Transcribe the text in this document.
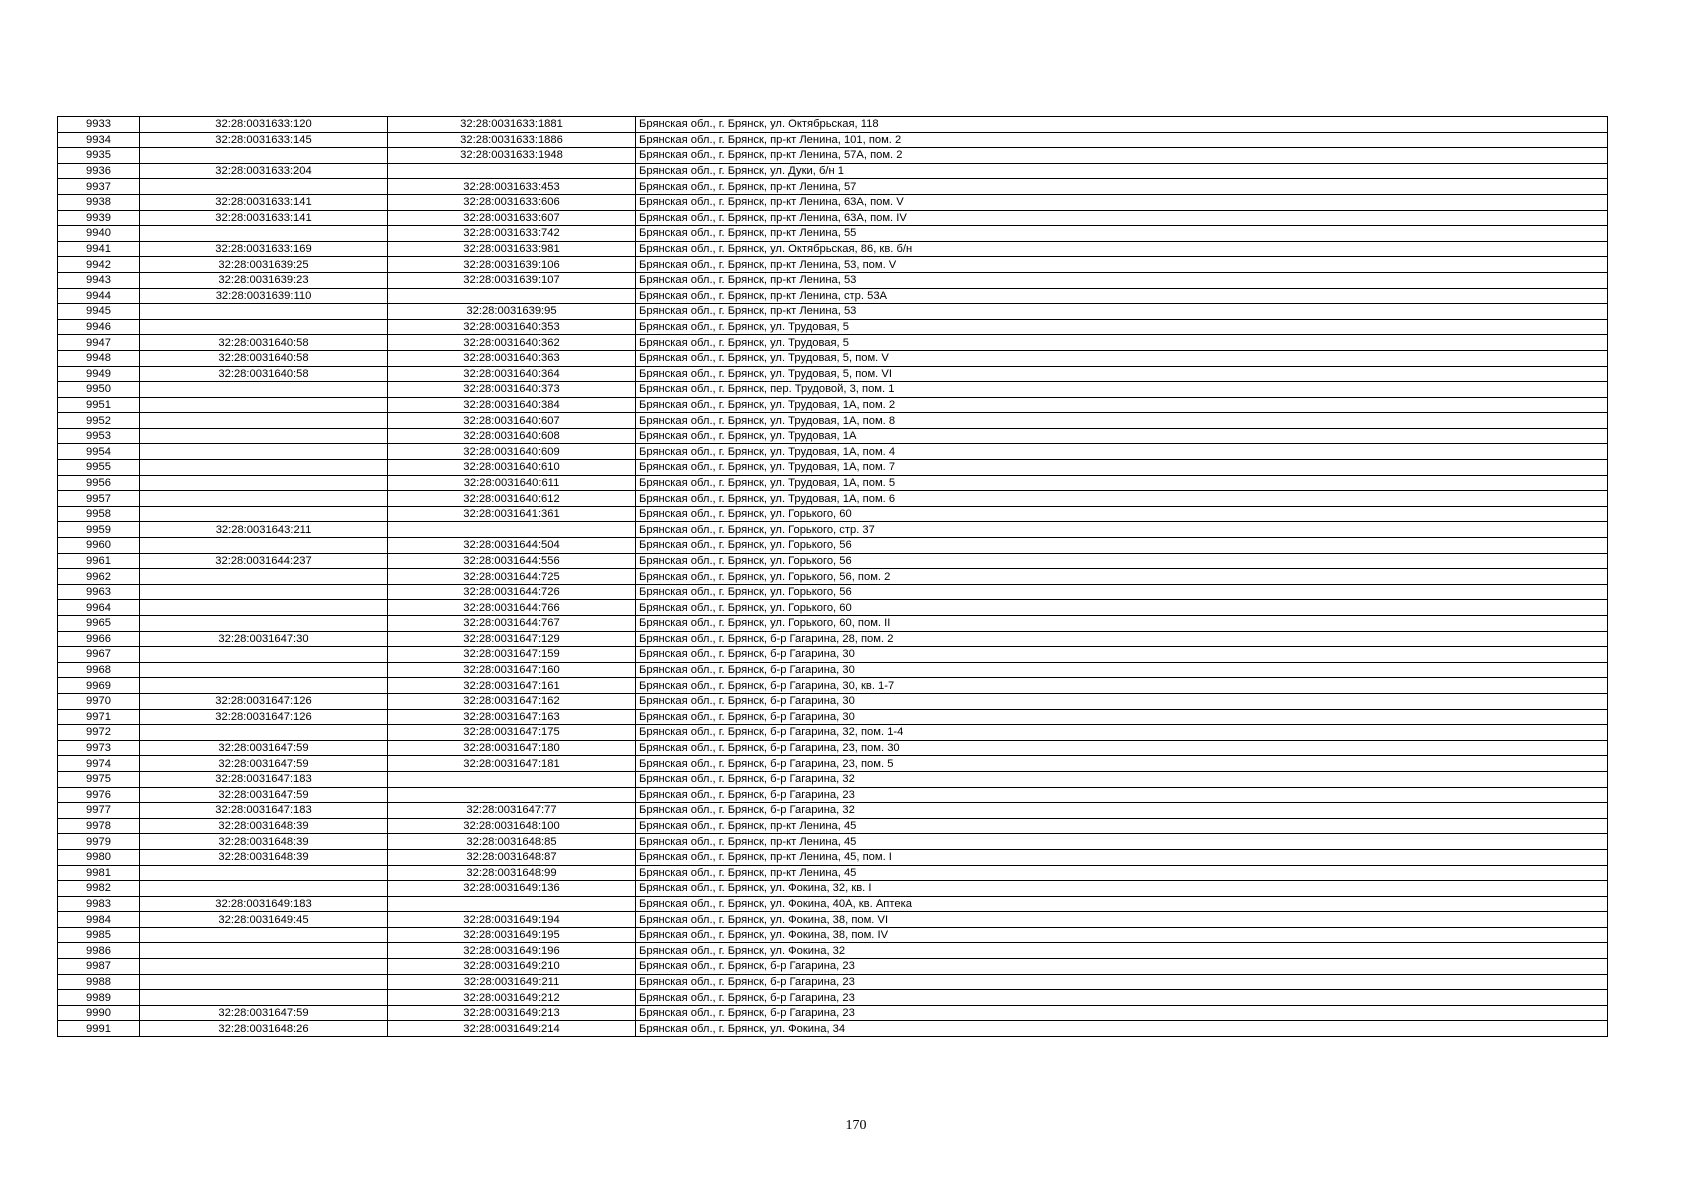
9933	32:28:0031633:120	32:28:0031633:1881	Брянская обл., г. Брянск, ул. Октябрьская, 118
9934	32:28:0031633:145	32:28:0031633:1886	Брянская обл., г. Брянск, пр-кт Ленина, 101, пом. 2
9935		32:28:0031633:1948	Брянская обл., г. Брянск, пр-кт Ленина, 57А, пом. 2
9936	32:28:0031633:204		Брянская обл., г. Брянск, ул. Дуки, б/н 1
9937		32:28:0031633:453	Брянская обл., г. Брянск, пр-кт Ленина, 57
9938	32:28:0031633:141	32:28:0031633:606	Брянская обл., г. Брянск, пр-кт Ленина, 63А, пом. V
9939	32:28:0031633:141	32:28:0031633:607	Брянская обл., г. Брянск, пр-кт Ленина, 63А, пом. IV
9940		32:28:0031633:742	Брянская обл., г. Брянск, пр-кт Ленина, 55
9941	32:28:0031633:169	32:28:0031633:981	Брянская обл., г. Брянск, ул. Октябрьская, 86, кв. б/н
9942	32:28:0031639:25	32:28:0031639:106	Брянская обл., г. Брянск, пр-кт Ленина, 53, пом. V
9943	32:28:0031639:23	32:28:0031639:107	Брянская обл., г. Брянск, пр-кт Ленина, 53
9944	32:28:0031639:110		Брянская обл., г. Брянск, пр-кт Ленина, стр. 53А
9945		32:28:0031639:95	Брянская обл., г. Брянск, пр-кт Ленина, 53
9946		32:28:0031640:353	Брянская обл., г. Брянск, ул. Трудовая, 5
9947	32:28:0031640:58	32:28:0031640:362	Брянская обл., г. Брянск, ул. Трудовая, 5
9948	32:28:0031640:58	32:28:0031640:363	Брянская обл., г. Брянск, ул. Трудовая, 5, пом. V
9949	32:28:0031640:58	32:28:0031640:364	Брянская обл., г. Брянск, ул. Трудовая, 5, пом. VI
9950		32:28:0031640:373	Брянская обл., г. Брянск, пер. Трудовой, 3, пом. 1
9951		32:28:0031640:384	Брянская обл., г. Брянск, ул. Трудовая, 1А, пом. 2
9952		32:28:0031640:607	Брянская обл., г. Брянск, ул. Трудовая, 1А, пом. 8
9953		32:28:0031640:608	Брянская обл., г. Брянск, ул. Трудовая, 1А
9954		32:28:0031640:609	Брянская обл., г. Брянск, ул. Трудовая, 1А, пом. 4
9955		32:28:0031640:610	Брянская обл., г. Брянск, ул. Трудовая, 1А, пом. 7
9956		32:28:0031640:611	Брянская обл., г. Брянск, ул. Трудовая, 1А, пом. 5
9957		32:28:0031640:612	Брянская обл., г. Брянск, ул. Трудовая, 1А, пом. 6
9958		32:28:0031641:361	Брянская обл., г. Брянск, ул. Горького, 60
9959	32:28:0031643:211		Брянская обл., г. Брянск, ул. Горького, стр. 37
9960		32:28:0031644:504	Брянская обл., г. Брянск, ул. Горького, 56
9961	32:28:0031644:237	32:28:0031644:556	Брянская обл., г. Брянск, ул. Горького, 56
9962		32:28:0031644:725	Брянская обл., г. Брянск, ул. Горького, 56, пом. 2
9963		32:28:0031644:726	Брянская обл., г. Брянск, ул. Горького, 56
9964		32:28:0031644:766	Брянская обл., г. Брянск, ул. Горького, 60
9965		32:28:0031644:767	Брянская обл., г. Брянск, ул. Горького, 60, пом. II
9966	32:28:0031647:30	32:28:0031647:129	Брянская обл., г. Брянск, б-р Гагарина, 28, пом. 2
9967		32:28:0031647:159	Брянская обл., г. Брянск, б-р Гагарина, 30
9968		32:28:0031647:160	Брянская обл., г. Брянск, б-р Гагарина, 30
9969		32:28:0031647:161	Брянская обл., г. Брянск, б-р Гагарина, 30, кв. 1-7
9970	32:28:0031647:126	32:28:0031647:162	Брянская обл., г. Брянск, б-р Гагарина, 30
9971	32:28:0031647:126	32:28:0031647:163	Брянская обл., г. Брянск, б-р Гагарина, 30
9972		32:28:0031647:175	Брянская обл., г. Брянск, б-р Гагарина, 32, пом. 1-4
9973	32:28:0031647:59	32:28:0031647:180	Брянская обл., г. Брянск, б-р Гагарина, 23, пом. 30
9974	32:28:0031647:59	32:28:0031647:181	Брянская обл., г. Брянск, б-р Гагарина, 23, пом. 5
9975	32:28:0031647:183		Брянская обл., г. Брянск, б-р Гагарина, 32
9976	32:28:0031647:59		Брянская обл., г. Брянск, б-р Гагарина, 23
9977	32:28:0031647:183	32:28:0031647:77	Брянская обл., г. Брянск, б-р Гагарина, 32
9978	32:28:0031648:39	32:28:0031648:100	Брянская обл., г. Брянск, пр-кт Ленина, 45
9979	32:28:0031648:39	32:28:0031648:85	Брянская обл., г. Брянск, пр-кт Ленина, 45
9980	32:28:0031648:39	32:28:0031648:87	Брянская обл., г. Брянск, пр-кт Ленина, 45, пом. I
9981		32:28:0031648:99	Брянская обл., г. Брянск, пр-кт Ленина, 45
9982		32:28:0031649:136	Брянская обл., г. Брянск, ул. Фокина, 32, кв. I
9983	32:28:0031649:183		Брянская обл., г. Брянск, ул. Фокина, 40А, кв. Аптека
9984	32:28:0031649:45	32:28:0031649:194	Брянская обл., г. Брянск, ул. Фокина, 38, пом. VI
9985		32:28:0031649:195	Брянская обл., г. Брянск, ул. Фокина, 38, пом. IV
9986		32:28:0031649:196	Брянская обл., г. Брянск, ул. Фокина, 32
9987		32:28:0031649:210	Брянская обл., г. Брянск, б-р Гагарина, 23
9988		32:28:0031649:211	Брянская обл., г. Брянск, б-р Гагарина, 23
9989		32:28:0031649:212	Брянская обл., г. Брянск, б-р Гагарина, 23
9990	32:28:0031647:59	32:28:0031649:213	Брянская обл., г. Брянск, б-р Гагарина, 23
9991	32:28:0031648:26	32:28:0031649:214	Брянская обл., г. Брянск, ул. Фокина, 34
170
